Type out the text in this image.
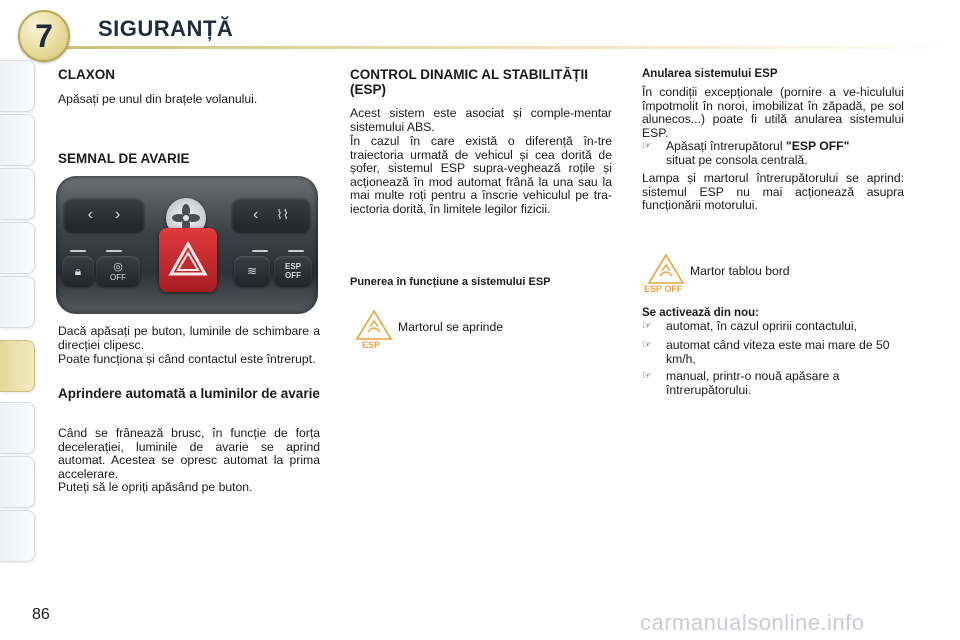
7 SIGURANȚĂ
CLAXON

Apăsați pe unul din brațele volanului.

SEMNAL DE AVARIE
‹ ›	‹ ⌇⌇
🔒︎	◎
OFF	≋	ESP
OFF

Dacă apăsați pe buton, luminile de schimbare a direcției clipesc.

Poate funcționa și când contactul este întrerupt.

Aprindere automată a luminilor de avarie

Când se frânează brusc, în funcție de forța decelerației, luminile de avarie se aprind automat. Acestea se opresc automat la prima accelerare.

Puteți să le opriți apăsând pe buton.

CONTROL DINAMIC AL STABILITĂȚII (ESP)

Acest sistem este asociat și comple-mentar sistemului ABS.

În cazul în care există o diferență în-tre traiectoria urmată de vehicul și cea dorită de șofer, sistemul ESP supra-veghează roțile și acționează în mod automat frână la una sau la mai multe roți pentru a înscrie vehiculul pe tra-iectoria dorită, în limitele legilor fizicii.

Punerea în funcțiune a sistemului ESP
ESP

Martorul se aprinde

Anularea sistemului ESP

În condiții excepționale (pornire a ve-hiculului împotmolit în noroi, imobilizat în zăpadă, pe sol alunecos...) poate fi utilă anularea sistemului ESP.

☞ Apăsați întrerupătorul "ESP OFF"
situat pe consola centrală.

Lampa și martorul întrerupătorului se aprind: sistemul ESP nu mai acționează asupra funcționării motorului.

ESP OFF

Martor tablou bord

Se activează din nou:
☞ automat, în cazul opririi contactului,
☞ automat când viteza este mai mare de 50 km/h,
☞ manual, printr-o nouă apăsare a întrerupătorului.
86	carmanualsonline.info
